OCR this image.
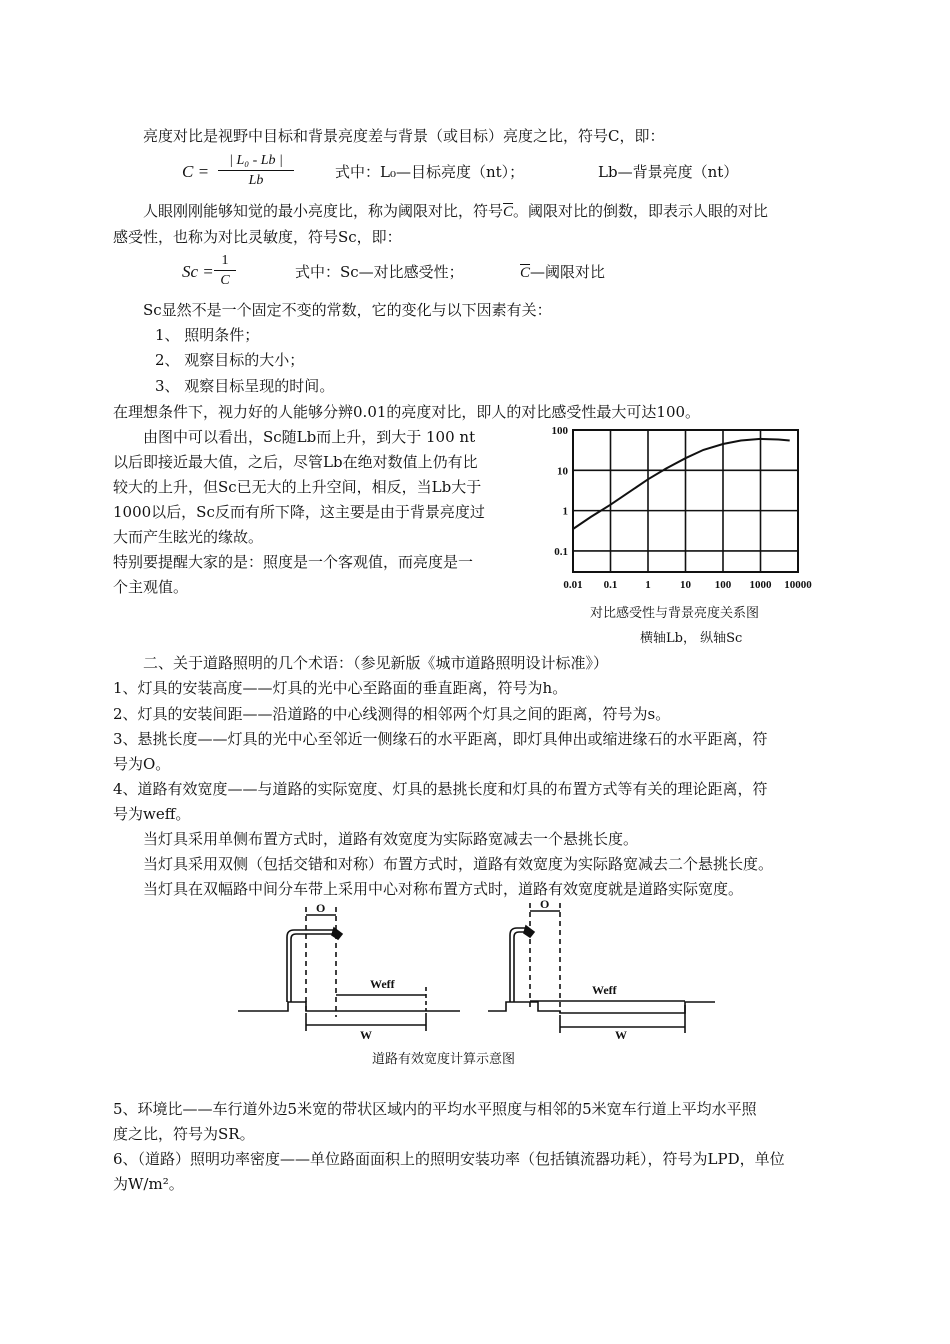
亮度对比是视野中目标和背景亮度差与背景（或目标）亮度之比，符号C，即：
$C = \frac{\text{| L₀ - Lb |}}{Lb}$	式中：L₀—目标亮度（nt）；	Lb—背景亮度（nt）
人眼刚刚能够知觉的最小亮度比，称为阈限对比，符号$\overline{C}$。阈限对比的倒数，即表示人眼的对比
感受性，也称为对比灵敏度，符号Sc，即：
$Sc = \frac{1}{C}$	式中：Sc—对比感受性；	$\overline{C}—$阈限对比
Sc显然不是一个固定不变的常数，它的变化与以下因素有关：
1、 照明条件；
2、 观察目标的大小；
3、 观察目标呈现的时间。
在理想条件下，视力好的人能够分辨0.01的亮度对比，即人的对比感受性最大可达100。
由图中可以看出，Sc随Lb而上升，到大于 100 nt
以后即接近最大值，之后，尽管Lb在绝对数值上仍有比
较大的上升，但Sc已无大的上升空间，相反，当Lb大于
1000以后，Sc反而有所下降，这主要是由于背景亮度过
大而产生眩光的缘故。
特别要提醒大家的是：照度是一个客观值，而亮度是一
个主观值。	0.01 0.1	1	10 100 1000 10000
0.1
1
10
100
对比感受性与背景亮度关系图
横轴Lb， 纵轴Sc
二、关于道路照明的几个术语：（参见新版《城市道路照明设计标准》）
1、灯具的安装高度——灯具的光中心至路面的垂直距离，符号为h。
2、灯具的安装间距——沿道路的中心线测得的相邻两个灯具之间的距离，符号为s。
3、悬挑长度——灯具的光中心至邻近一侧缘石的水平距离，即灯具伸出或缩进缘石的水平距离，符
号为O。
4、道路有效宽度——与道路的实际宽度、灯具的悬挑长度和灯具的布置方式等有关的理论距离，符
号为weff。
当灯具采用单侧布置方式时，道路有效宽度为实际路宽减去一个悬挑长度。
当灯具采用双侧（包括交错和对称）布置方式时，道路有效宽度为实际路宽减去二个悬挑长度。
当灯具在双幅路中间分车带上采用中心对称布置方式时，道路有效宽度就是道路实际宽度。
O
Weff
W
O
Weff
W
道路有效宽度计算示意图
5、环境比——车行道外边5米宽的带状区域内的平均水平照度与相邻的5米宽车行道上平均水平照
度之比，符号为SR。
6、（道路）照明功率密度——单位路面面积上的照明安装功率（包括镇流器功耗），符号为LPD，单位
为W/m²。
